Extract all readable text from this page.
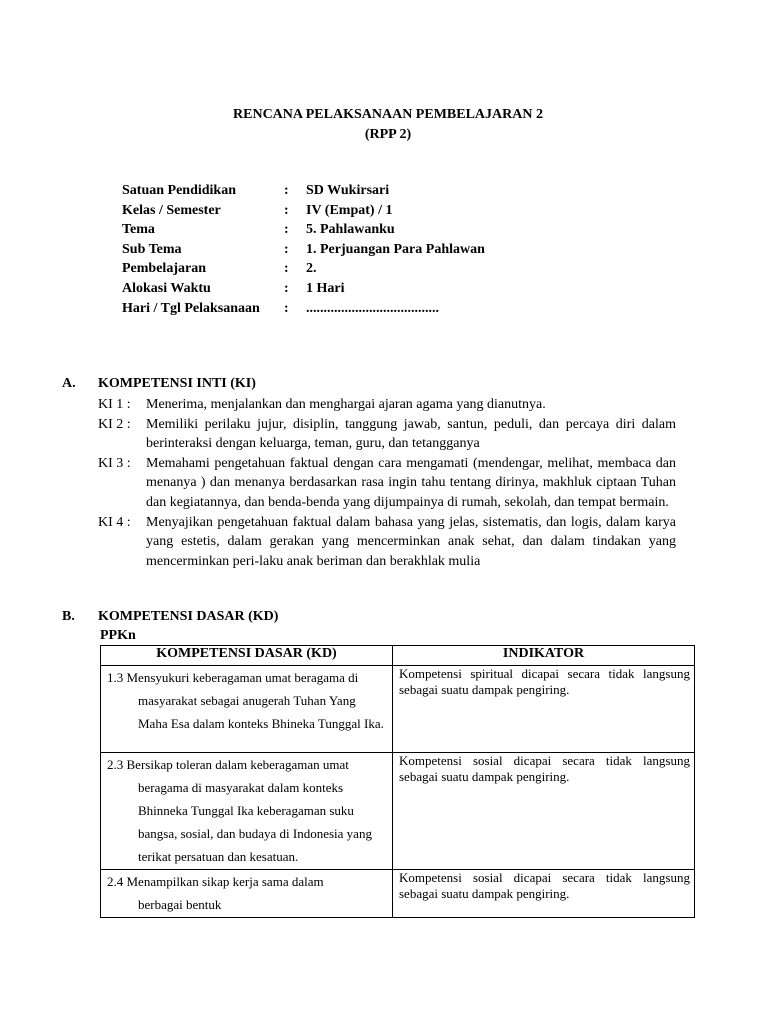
RENCANA PELAKSANAAN PEMBELAJARAN 2
(RPP 2)
Satuan Pendidikan	: SD Wukirsari
Kelas / Semester	: IV (Empat) / 1
Tema	: 5. Pahlawanku
Sub Tema	: 1. Perjuangan Para Pahlawan
Pembelajaran	: 2.
Alokasi Waktu	: 1 Hari
Hari / Tgl Pelaksanaan : ......................................
A. KOMPETENSI INTI (KI)
KI 1 :	Menerima, menjalankan dan menghargai ajaran agama yang dianutnya.
KI 2 :	Memiliki perilaku jujur, disiplin, tanggung jawab, santun, peduli, dan percaya diri dalam berinteraksi dengan keluarga, teman, guru, dan tetangganya
KI 3 :	Memahami pengetahuan faktual dengan cara mengamati (mendengar, melihat, membaca dan menanya ) dan menanya berdasarkan rasa ingin tahu tentang dirinya, makhluk ciptaan Tuhan dan kegiatannya, dan benda-benda yang dijumpainya di rumah, sekolah, dan tempat bermain.
KI 4 :	Menyajikan pengetahuan faktual dalam bahasa yang jelas, sistematis, dan logis, dalam karya yang estetis, dalam gerakan yang mencerminkan anak sehat, dan dalam tindakan yang mencerminkan peri-laku anak beriman dan berakhlak mulia
B. KOMPETENSI DASAR (KD)
PPKn
KOMPETENSI DASAR (KD)	INDIKATOR

1.3 Mensyukuri keberagaman umat beragama di
masyarakat sebagai anugerah Tuhan Yang Maha Esa dalam konteks Bhineka Tunggal Ika.	Kompetensi spiritual dicapai secara tidak langsung sebagai suatu dampak pengiring.

2.3 Bersikap toleran dalam keberagaman umat
beragama di masyarakat dalam konteks Bhinneka Tunggal Ika keberagaman suku bangsa, sosial, dan budaya di Indonesia yang terikat persatuan dan kesatuan.	Kompetensi sosial dicapai secara tidak langsung sebagai suatu dampak pengiring.

2.4 Menampilkan sikap kerja sama dalam
berbagai bentuk	Kompetensi sosial dicapai secara tidak langsung sebagai suatu dampak pengiring.
